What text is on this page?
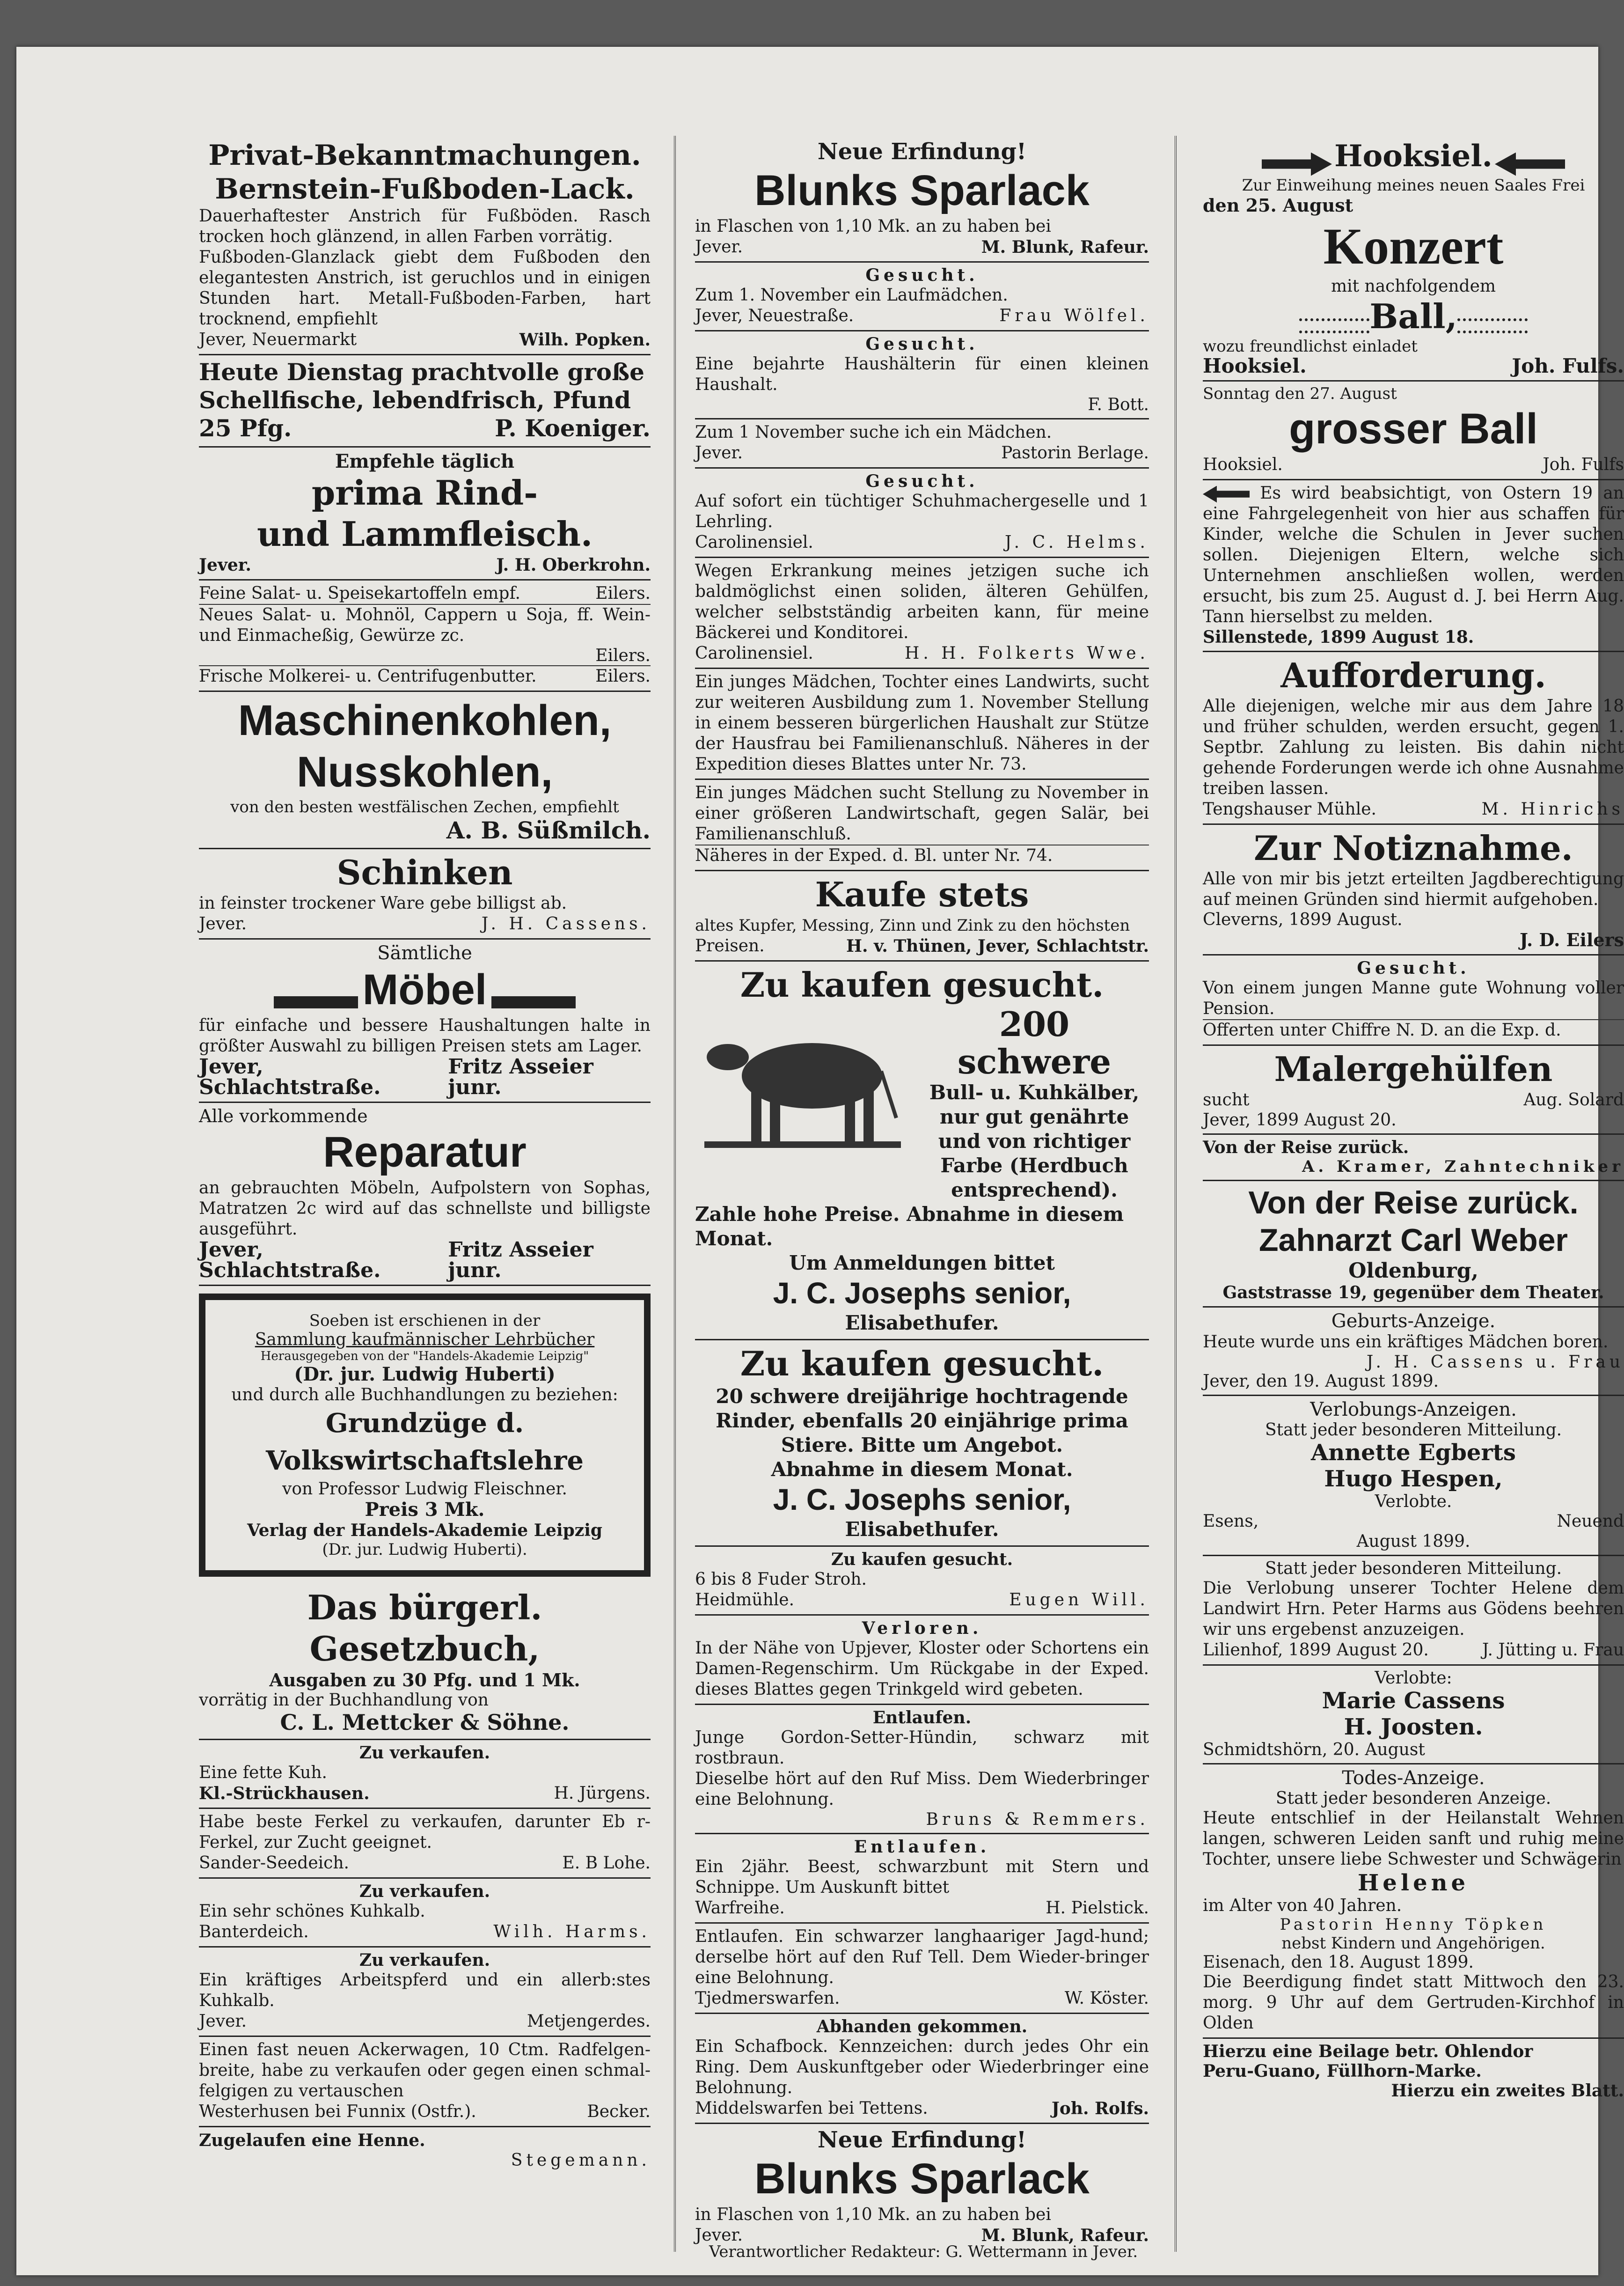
Privat-Bekanntmachungen.
Bernstein-Fußboden-Lack.
Dauerhaftester Anstrich für Fußböden. Rasch trocken hoch glänzend, in allen Farben vorrätig.
Fußboden-Glanzlack giebt dem Fußboden den elegantesten Anstrich, ist geruchlos und in einigen Stunden hart. Metall-Fußboden-Farben, hart trocknend, empfiehlt
Jever, Neuermarkt	Wilh. Popken.
Heute Dienstag prachtvolle große Schellfische, lebendfrisch, Pfund
25 Pfg.	P. Koeniger.
Empfehle täglich
prima Rind-
und Lammfleisch.
Jever.	J. H. Oberkrohn.
Feine Salat- u. Speisekartoffeln empf.	Eilers.
Neues Salat- u. Mohnöl, Cappern u Soja, ff. Wein- und Einmacheßig, Gewürze zc.
Eilers.
Frische Molkerei- u. Centrifugenbutter.	Eilers.
Maschinenkohlen,
Nusskohlen,
von den besten westfälischen Zechen, empfiehlt
A. B. Süßmilch.
Schinken
in feinster trockener Ware gebe billigst ab.
Jever.	J. H. Cassens.
Sämtliche
Möbel
für einfache und bessere Haushaltungen halte in größter Auswahl zu billigen Preisen stets am Lager.
Jever, Schlachtstraße.
Fritz Asseier junr.
Alle vorkommende
Reparatur
an gebrauchten Möbeln, Aufpolstern von Sophas, Matratzen 2c wird auf das schnellste und billigste ausgeführt.
Jever, Schlachtstraße.
Fritz Asseier junr.
Soeben ist erschienen in der
Sammlung kaufmännischer Lehrbücher
Herausgegeben von der "Handels-Akademie Leipzig"
(Dr. jur. Ludwig Huberti)
und durch alle Buchhandlungen zu beziehen:
Grundzüge d. Volkswirtschaftslehre
von Professor Ludwig Fleischner.
Preis 3 Mk.
Verlag der Handels-Akademie Leipzig
(Dr. jur. Ludwig Huberti).
Das bürgerl. Gesetzbuch,
Ausgaben zu 30 Pfg. und 1 Mk.
vorrätig in der Buchhandlung von
C. L. Mettcker & Söhne.
Zu verkaufen.
Eine fette Kuh.
Kl.-Strückhausen.	H. Jürgens.
Habe beste Ferkel zu verkaufen, darunter Eb r- Ferkel, zur Zucht geeignet.
Sander-Seedeich.	E. B Lohe.
Zu verkaufen.
Ein sehr schönes Kuhkalb.
Banterdeich.	Wilh. Harms.
Zu verkaufen.
Ein kräftiges Arbeitspferd und ein allerb:stes Kuhkalb.
Jever.	Metjengerdes.
Einen fast neuen Ackerwagen, 10 Ctm. Radfelgen-breite, habe zu verkaufen oder gegen einen schmal-felgigen zu vertauschen
Westerhusen bei Funnix (Ostfr.).	Becker.
Zugelaufen eine Henne.
Stegemann.
Neue Erfindung!
Blunks Sparlack
in Flaschen von 1,10 Mk. an zu haben bei
Jever.	M. Blunk, Rafeur.
Gesucht.
Zum 1. November ein Laufmädchen.
Jever, Neuestraße.	Frau Wölfel.
Gesucht.
Eine bejahrte Haushälterin für einen kleinen Haushalt.
F. Bott.
Zum 1 November suche ich ein Mädchen.
Jever.	Pastorin Berlage.
Gesucht.
Auf sofort ein tüchtiger Schuhmachergeselle und 1 Lehrling.
Carolinensiel.	J. C. Helms.
Wegen Erkrankung meines jetzigen suche ich baldmöglichst einen soliden, älteren Gehülfen, welcher selbstständig arbeiten kann, für meine Bäckerei und Konditorei.
Carolinensiel.	H. H. Folkerts Wwe.
Ein junges Mädchen, Tochter eines Landwirts, sucht zur weiteren Ausbildung zum 1. November Stellung in einem besseren bürgerlichen Haushalt zur Stütze der Hausfrau bei Familienanschluß. Näheres in der Expedition dieses Blattes unter Nr. 73.
Ein junges Mädchen sucht Stellung zu November in einer größeren Landwirtschaft, gegen Salär, bei Familienanschluß.
Näheres in der Exped. d. Bl. unter Nr. 74.
Kaufe stets
altes Kupfer, Messing, Zinn und Zink zu den höchsten
Preisen.	H. v. Thünen, Jever, Schlachtstr.
Zu kaufen gesucht.
200 schwere
Bull- u. Kuhkälber,
nur gut genährte
und von richtiger
Farbe (Herdbuch
entsprechend).
Zahle hohe Preise. Abnahme in diesem Monat.
Um Anmeldungen bittet
J. C. Josephs senior,
Elisabethufer.
Zu kaufen gesucht.
20 schwere dreijährige hochtragende Rinder, ebenfalls 20 einjährige prima Stiere. Bitte um Angebot.
Abnahme in diesem Monat.
J. C. Josephs senior,
Elisabethufer.
Zu kaufen gesucht.
6 bis 8 Fuder Stroh.
Heidmühle.	Eugen Will.
Verloren.
In der Nähe von Upjever, Kloster oder Schortens ein Damen-Regenschirm. Um Rückgabe in der Exped. dieses Blattes gegen Trinkgeld wird gebeten.
Entlaufen.
Junge Gordon-Setter-Hündin, schwarz mit rostbraun.
Dieselbe hört auf den Ruf Miss. Dem Wiederbringer eine Belohnung.
Bruns & Remmers.
Entlaufen.
Ein 2jähr. Beest, schwarzbunt mit Stern und Schnippe. Um Auskunft bittet
Warfreihe.	H. Pielstick.
Entlaufen. Ein schwarzer langhaariger Jagd-hund; derselbe hört auf den Ruf Tell. Dem Wieder-bringer eine Belohnung.
Tjedmerswarfen.	W. Köster.
Abhanden gekommen.
Ein Schafbock. Kennzeichen: durch jedes Ohr ein Ring. Dem Auskunftgeber oder Wiederbringer eine Belohnung.
Middelswarfen bei Tettens.	Joh. Rolfs.
Neue Erfindung!
Blunks Sparlack
in Flaschen von 1,10 Mk. an zu haben bei
Jever.	M. Blunk, Rafeur.
Hooksiel.
Zur Einweihung meines neuen Saales Frei
den 25. August
Konzert
mit nachfolgendem
Ball,
wozu freundlichst einladet
Hooksiel.	Joh. Fulfs.
Sonntag den 27. August
grosser Ball
Hooksiel.	Joh. Fulfs
Es wird beabsichtigt, von Ostern 19 an eine Fahrgelegenheit von hier aus schaffen für Kinder, welche die Schulen in Jever suchen sollen. Diejenigen Eltern, welche sich Unternehmen anschließen wollen, werden ersucht, bis zum 25. August d. J. bei Herrn Aug. Tann hierselbst zu melden.
Sillenstede, 1899 August 18.
Aufforderung.
Alle diejenigen, welche mir aus dem Jahre 18 und früher schulden, werden ersucht, gegen 1. Septbr. Zahlung zu leisten. Bis dahin nicht gehende Forderungen werde ich ohne Ausnahme treiben lassen.
Tengshauser Mühle.	M. Hinrichs
Zur Notiznahme.
Alle von mir bis jetzt erteilten Jagdberechtigung auf meinen Gründen sind hiermit aufgehoben.
Cleverns, 1899 August.
J. D. Eilers
Gesucht.
Von einem jungen Manne gute Wohnung voller Pension.
Offerten unter Chiffre N. D. an die Exp. d.
Malergehülfen
sucht	Aug. Solard
Jever, 1899 August 20.
Von der Reise zurück.
A. Kramer, Zahntechniker
Von der Reise zurück.
Zahnarzt Carl Weber
Oldenburg,
Gaststrasse 19, gegenüber dem Theater.
Geburts-Anzeige.
Heute wurde uns ein kräftiges Mädchen boren.
J. H. Cassens u. Frau
Jever, den 19. August 1899.
Verlobungs-Anzeigen.
Statt jeder besonderen Mitteilung.
Annette Egberts
Hugo Hespen,
Verlobte.
Esens,	Neuend
August 1899.
Statt jeder besonderen Mitteilung.
Die Verlobung unserer Tochter Helene dem Landwirt Hrn. Peter Harms aus Gödens beehren wir uns ergebenst anzuzeigen.
Lilienhof, 1899 August 20.	J. Jütting u. Frau
Verlobte:
Marie Cassens
H. Joosten.
Schmidtshörn, 20. August
Todes-Anzeige.
Statt jeder besonderen Anzeige.
Heute entschlief in der Heilanstalt Wehnen langen, schweren Leiden sanft und ruhig meine Tochter, unsere liebe Schwester und Schwägerin
Helene
im Alter von 40 Jahren.
Pastorin Henny Töpken
nebst Kindern und Angehörigen.
Eisenach, den 18. August 1899.
Die Beerdigung findet statt Mittwoch den 23. morg. 9 Uhr auf dem Gertruden-Kirchhof in Olden
Hierzu eine Beilage betr. Ohlendor
Peru-Guano, Füllhorn-Marke.
Hierzu ein zweites Blatt.
Verantwortlicher Redakteur: G. Wettermann in Jever.
